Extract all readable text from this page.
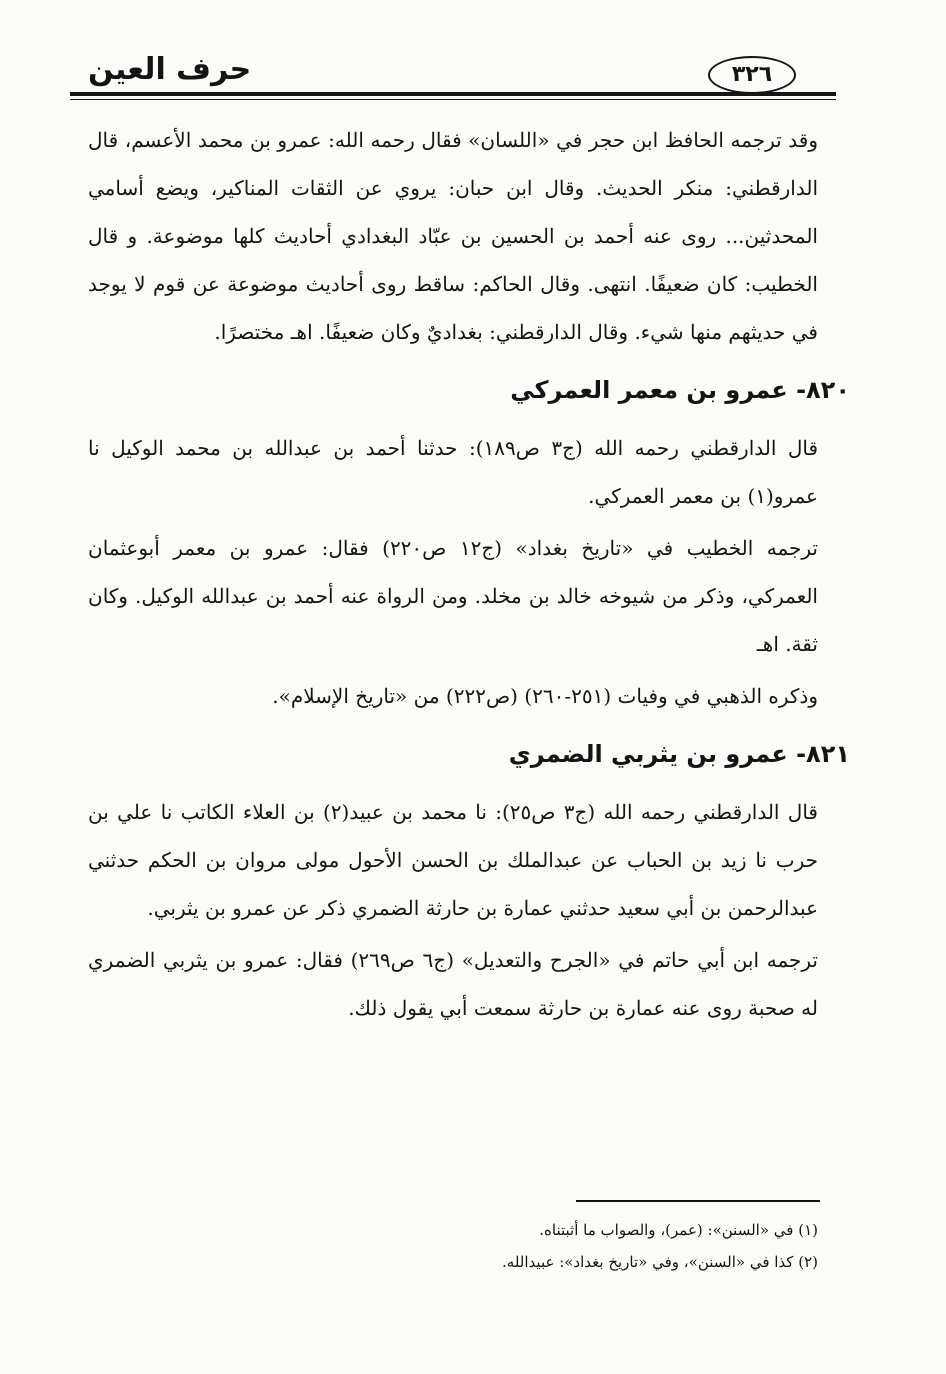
حرف العين	٣٢٦

وقد ترجمه الحافظ ابن حجر في «اللسان» فقال رحمه الله: عمرو بن محمد الأعسم، قال الدارقطني: منكر الحديث. وقال ابن حبان: يروي عن الثقات المناكير، ويضع أسامي المحدثين... روى عنه أحمد بن الحسين بن عبّاد البغدادي أحاديث كلها موضوعة. و قال الخطيب: كان ضعيفًا. انتهى. وقال الحاكم: ساقط روى أحاديث موضوعة عن قوم لا يوجد في حديثهم منها شيء. وقال الدارقطني: بغداديٌ وكان ضعيفًا. اهـ مختصرًا.

٨٢٠- عمرو بن معمر العمركي

قال الدارقطني رحمه الله (ج٣ ص١٨٩): حدثنا أحمد بن عبدالله بن محمد الوكيل نا عمرو(١) بن معمر العمركي.

ترجمه الخطيب في «تاريخ بغداد» (ج١٢ ص٢٢٠) فقال: عمرو بن معمر أبوعثمان العمركي، وذكر من شيوخه خالد بن مخلد. ومن الرواة عنه أحمد بن عبدالله الوكيل. وكان ثقة. اهـ

وذكره الذهبي في وفيات (٢٥١-٢٦٠) (ص٢٢٢) من «تاريخ الإسلام».

٨٢١- عمرو بن يثربي الضمري

قال الدارقطني رحمه الله (ج٣ ص٢٥): نا محمد بن عبيد(٢) بن العلاء الكاتب نا علي بن حرب نا زيد بن الحباب عن عبدالملك بن الحسن الأحول مولى مروان بن الحكم حدثني عبدالرحمن بن أبي سعيد حدثني عمارة بن حارثة الضمري ذكر عن عمرو بن يثربي.

ترجمه ابن أبي حاتم في «الجرح والتعديل» (ج٦ ص٢٦٩) فقال: عمرو بن يثربي الضمري له صحبة روى عنه عمارة بن حارثة سمعت أبي يقول ذلك.

(١) في «السنن»: (عمر)، والصواب ما أثبتناه.

(٢) كذا في «السنن»، وفي «تاريخ بغداد»: عبيدالله.
